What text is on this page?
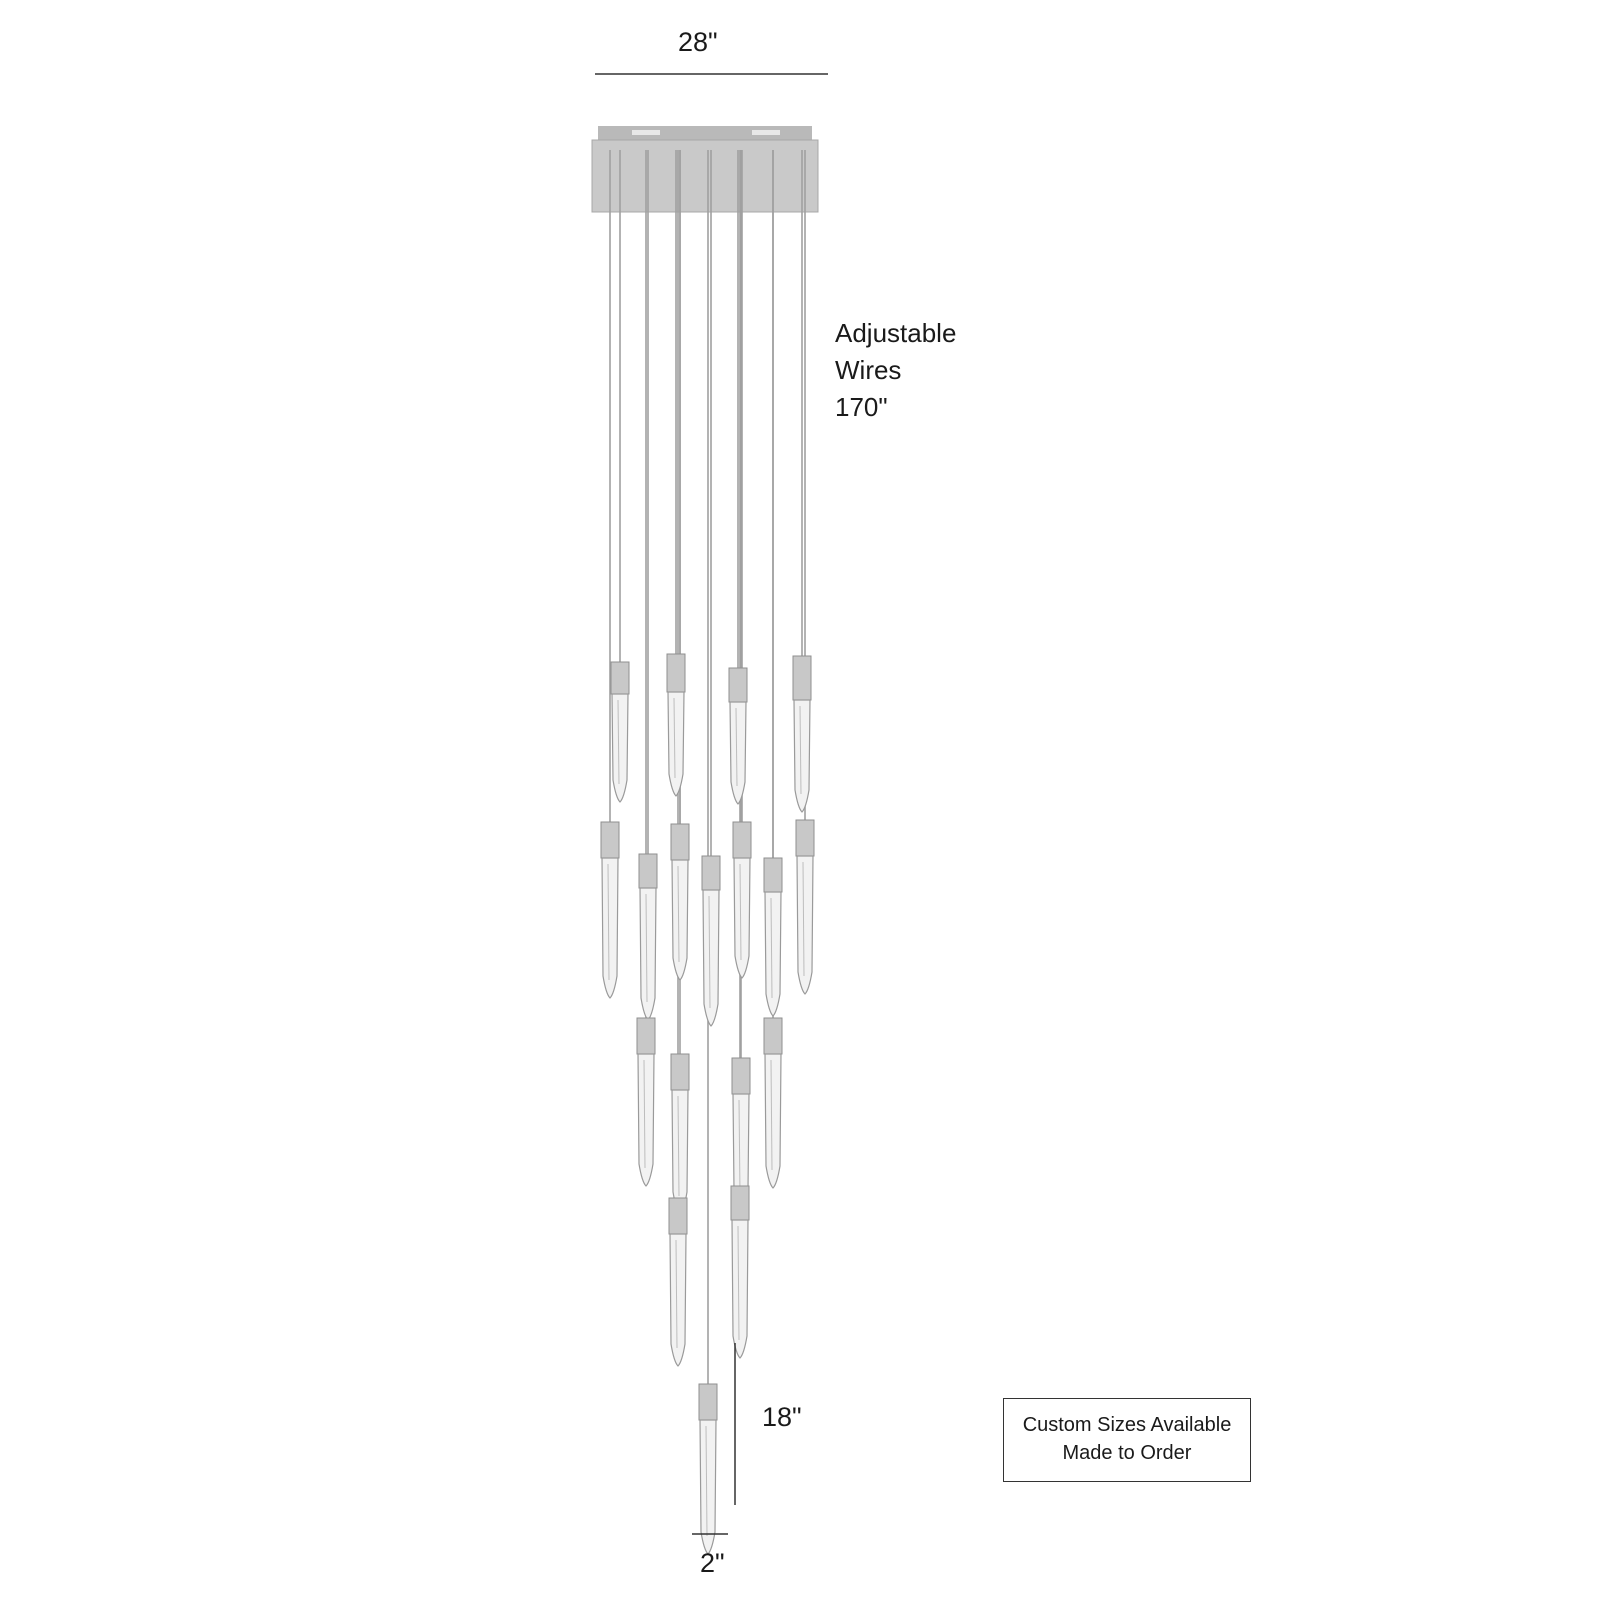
28"
Adjustable
Wires
170"
18"
2"
Custom Sizes Available
Made to Order
